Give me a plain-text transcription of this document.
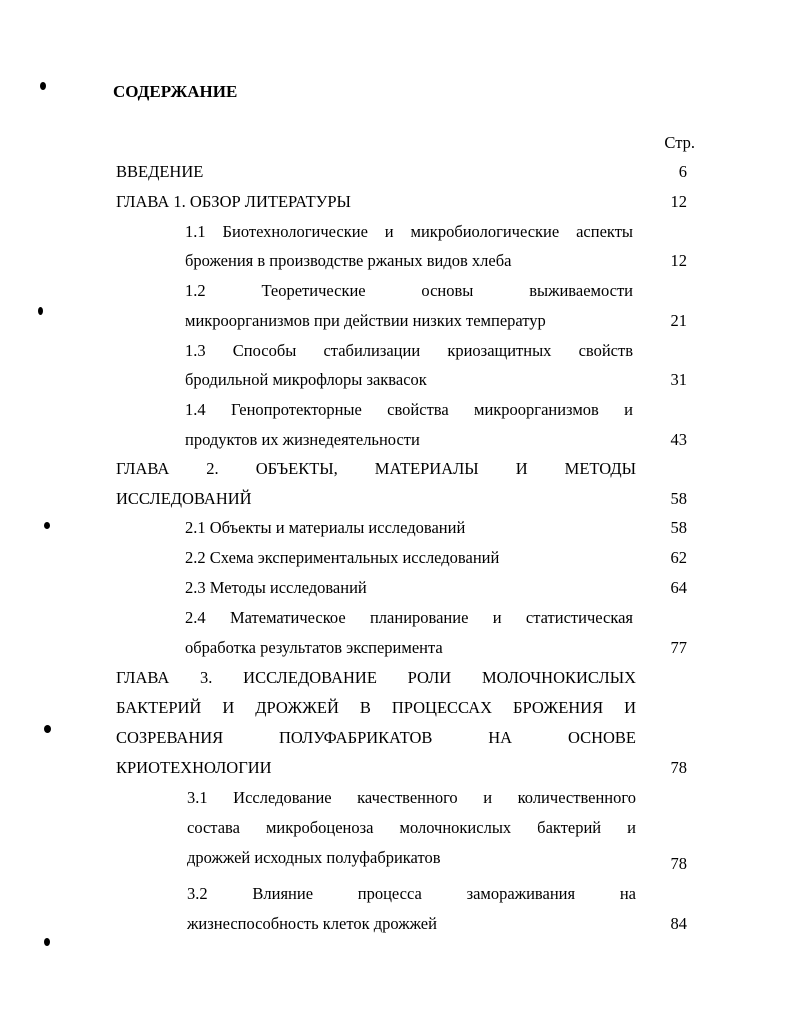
СОДЕРЖАНИЕ
Стр.
ВВЕДЕНИЕ	6
ГЛАВА 1. ОБЗОР ЛИТЕРАТУРЫ	12
1.1 Биотехнологические и микробиологические аспекты
брожения в производстве ржаных видов хлеба	12
1.2 Теоретические основы выживаемости
микроорганизмов при действии низких температур	21
1.3 Способы стабилизации криозащитных свойств
бродильной микрофлоры заквасок	31
1.4 Генопротекторные свойства микроорганизмов и
продуктов их жизнедеятельности	43
ГЛАВА 2. ОБЪЕКТЫ, МАТЕРИАЛЫ И МЕТОДЫ
ИССЛЕДОВАНИЙ	58
2.1 Объекты и материалы исследований	58
2.2 Схема экспериментальных исследований	62
2.3 Методы исследований	64
2.4 Математическое планирование и статистическая
обработка результатов эксперимента	77
ГЛАВА 3. ИССЛЕДОВАНИЕ РОЛИ МОЛОЧНОКИСЛЫХ
БАКТЕРИЙ И ДРОЖЖЕЙ В ПРОЦЕССАХ БРОЖЕНИЯ И
СОЗРЕВАНИЯ ПОЛУФАБРИКАТОВ НА ОСНОВЕ
КРИОТЕХНОЛОГИИ	78
3.1 Исследование качественного и количественного
состава микробоценоза молочнокислых бактерий и
дрожжей исходных полуфабрикатов	78
3.2 Влияние процесса замораживания на
жизнеспособность клеток дрожжей	84
